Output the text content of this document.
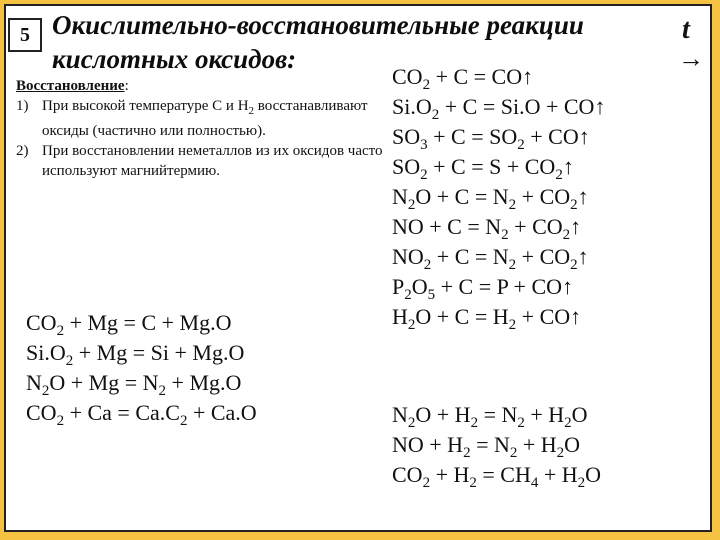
5 Окислительно-восстановительные реакции
кислотных оксидов:
t
→
Восстановление:
1) При высокой температуре С и $Н_2$ восстанавливают оксиды (частично или полностью).
2) При восстановлении неметаллов из их оксидов часто используют магнийтермию.
$CO_2 + Mg = C + Mg.O$
$Si.O_2 + Mg = Si + Mg.O$
$N_2O + Mg = N_2 + Mg.O$
$CO_2 + Ca = Ca.C_2 + Ca.O$
$CO_2 + C$ = CO↑
$Si.O_2 + C = Si.O$ + CO↑
$SO_3 + C = SO_2$ + CO↑
$SO_2 + C = S$ + $CO_2↑$
$N_2O + C = N_2$ + $CO_2↑$
NO + $C = N_2$ + $CO_2↑$
$NO_2 + C = N_2$ + $CO_2↑$
$P_2O_5 + C = P$ + CO↑
$H_2O + C = H_2$ + CO↑
$N_2O + H_2 = N_2 + H_2O$
NO + $H_2 = N_2 + H_2O$
$CO_2 + H_2 = CH_4 + H_2O$
